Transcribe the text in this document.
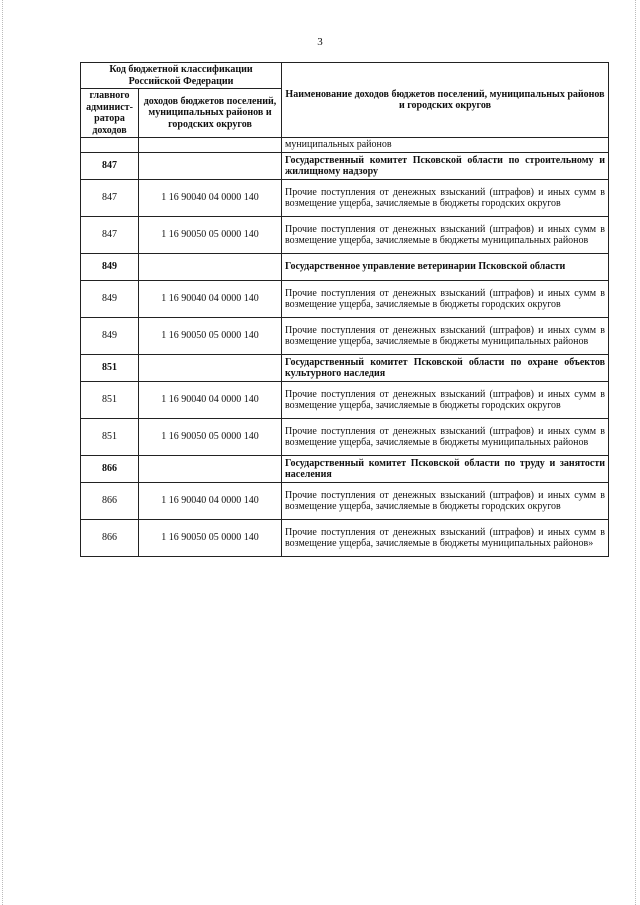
3
Код бюджетной классификации Российской Федерации		Наименование доходов бюджетов поселений, муниципальных районов и городских округов
главного админист-ратора доходов	доходов бюджетов поселений, муниципальных районов и городских округов	
		муниципальных районов
847		Государственный комитет Псковской области по строительному и жилищному надзору
847	1 16 90040 04 0000 140	Прочие поступления от денежных взысканий (штрафов) и иных сумм в возмещение ущерба, зачисляемые в бюджеты городских округов
847	1 16 90050 05 0000 140	Прочие поступления от денежных взысканий (штрафов) и иных сумм в возмещение ущерба, зачисляемые в бюджеты муниципальных районов
849		Государственное управление ветеринарии Псковской области
849	1 16 90040 04 0000 140	Прочие поступления от денежных взысканий (штрафов) и иных сумм в возмещение ущерба, зачисляемые в бюджеты городских округов
849	1 16 90050 05 0000 140	Прочие поступления от денежных взысканий (штрафов) и иных сумм в возмещение ущерба, зачисляемые в бюджеты муниципальных районов
851		Государственный комитет Псковской области по охране объектов культурного наследия
851	1 16 90040 04 0000 140	Прочие поступления от денежных взысканий (штрафов) и иных сумм в возмещение ущерба, зачисляемые в бюджеты городских округов
851	1 16 90050 05 0000 140	Прочие поступления от денежных взысканий (штрафов) и иных сумм в возмещение ущерба, зачисляемые в бюджеты муниципальных районов
866		Государственный комитет Псковской области по труду и занятости населения
866	1 16 90040 04 0000 140	Прочие поступления от денежных взысканий (штрафов) и иных сумм в возмещение ущерба, зачисляемые в бюджеты городских округов
866	1 16 90050 05 0000 140	Прочие поступления от денежных взысканий (штрафов) и иных сумм в возмещение ущерба, зачисляемые в бюджеты муниципальных районов»
